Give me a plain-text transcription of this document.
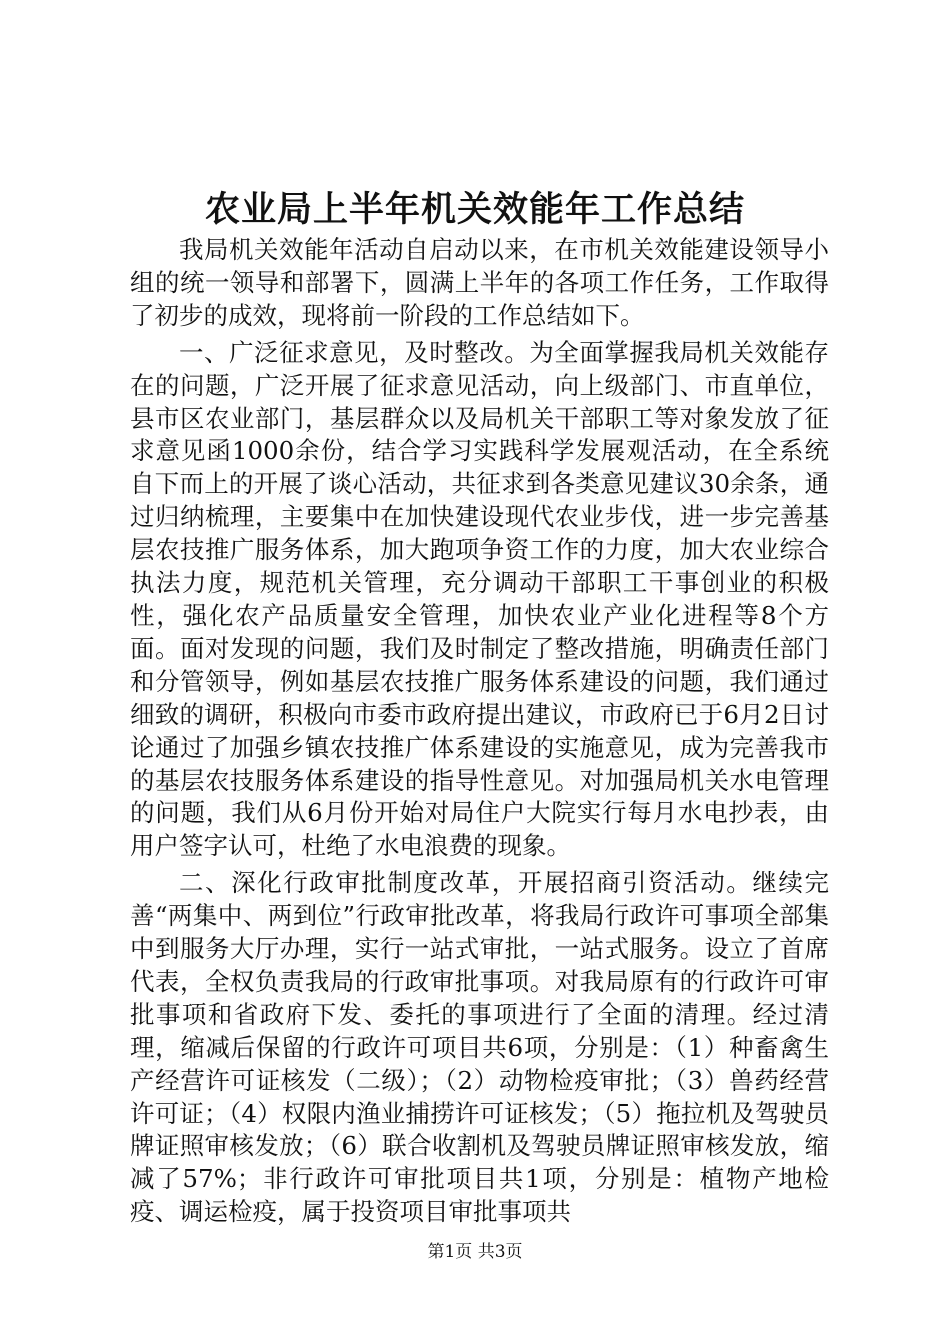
农业局上半年机关效能年工作总结

我局机关效能年活动自启动以来，在市机关效能建设领导小组的统一领导和部署下，圆满上半年的各项工作任务，工作取得了初步的成效，现将前一阶段的工作总结如下。

一、广泛征求意见，及时整改。为全面掌握我局机关效能存在的问题，广泛开展了征求意见活动，向上级部门、市直单位，县市区农业部门，基层群众以及局机关干部职工等对象发放了征求意见函1000余份，结合学习实践科学发展观活动，在全系统自下而上的开展了谈心活动，共征求到各类意见建议30余条，通过归纳梳理，主要集中在加快建设现代农业步伐，进一步完善基层农技推广服务体系，加大跑项争资工作的力度，加大农业综合执法力度，规范机关管理，充分调动干部职工干事创业的积极性，强化农产品质量安全管理，加快农业产业化进程等8个方面。面对发现的问题，我们及时制定了整改措施，明确责任部门和分管领导，例如基层农技推广服务体系建设的问题，我们通过细致的调研，积极向市委市政府提出建议，市政府已于6月2日讨论通过了加强乡镇农技推广体系建设的实施意见，成为完善我市的基层农技服务体系建设的指导性意见。对加强局机关水电管理的问题，我们从6月份开始对局住户大院实行每月水电抄表，由用户签字认可，杜绝了水电浪费的现象。

二、深化行政审批制度改革，开展招商引资活动。继续完善“两集中、两到位”行政审批改革，将我局行政许可事项全部集中到服务大厅办理，实行一站式审批，一站式服务。设立了首席代表，全权负责我局的行政审批事项。对我局原有的行政许可审批事项和省政府下发、委托的事项进行了全面的清理。经过清理，缩减后保留的行政许可项目共6项，分别是：（1）种畜禽生产经营许可证核发（二级）；（2）动物检疫审批；（3）兽药经营许可证；（4）权限内渔业捕捞许可证核发；（5）拖拉机及驾驶员牌证照审核发放；（6）联合收割机及驾驶员牌证照审核发放，缩减了57%；非行政许可审批项目共1项，分别是：植物产地检疫、调运检疫，属于投资项目审批事项共

第1页 共3页
